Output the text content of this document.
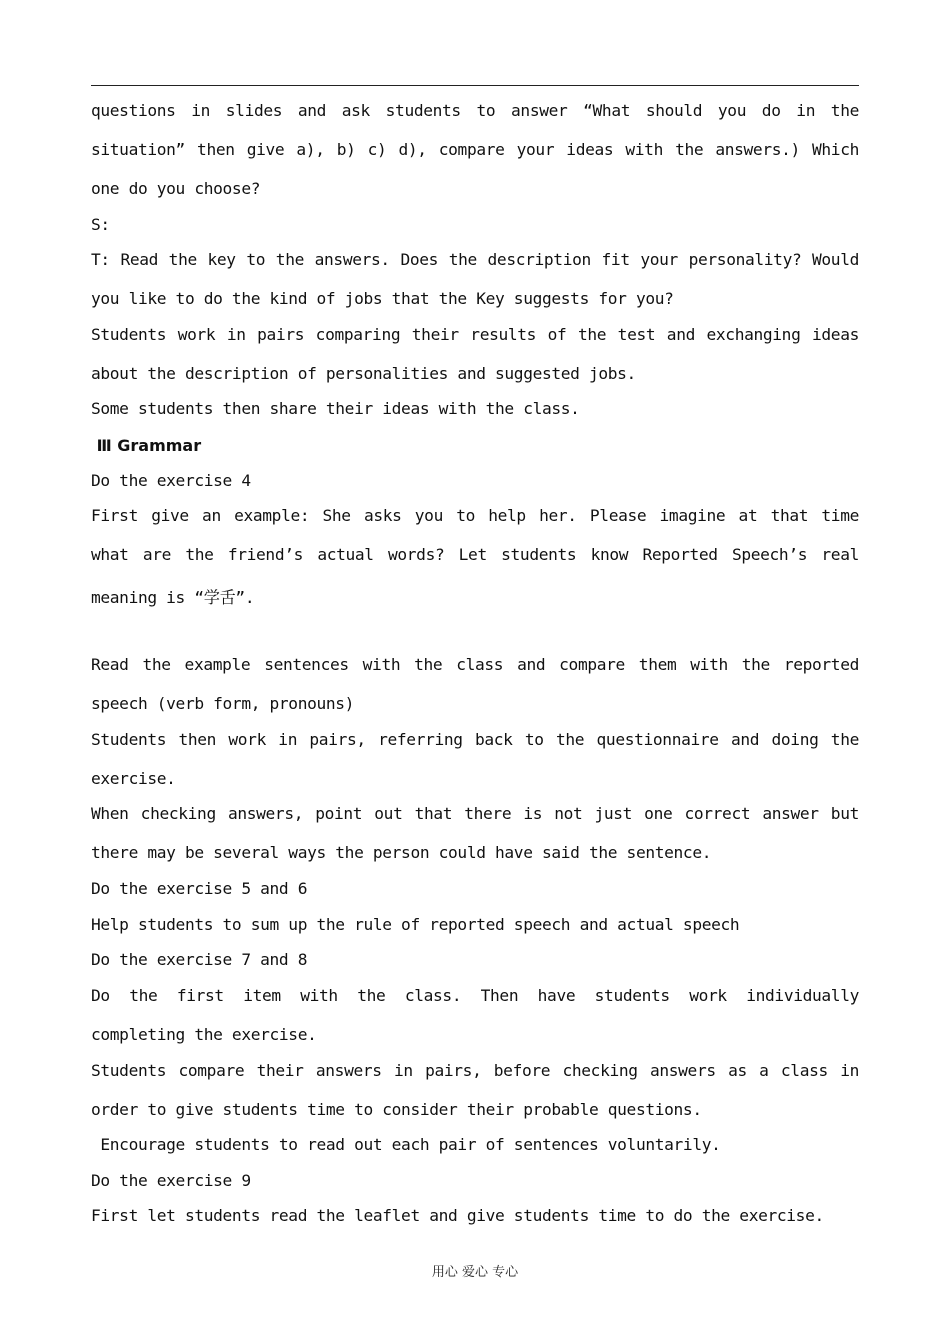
questions in slides and ask students to answer “What should you do in the
situation” then give a), b) c) d), compare your ideas with the answers.) Which
one do you choose?
S:
T: Read the key to the answers. Does the description fit your personality? Would
you like to do the kind of jobs that the Key suggests for you?
Students work in pairs comparing their results of the test and exchanging ideas
about the description of personalities and suggested jobs.
Some students then share their ideas with the class.
Ⅲ Grammar
Do the exercise 4
First give an example: She asks you to help her. Please imagine at that time
what are the friend’s actual words? Let students know Reported Speech’s real
meaning is “学舌”.
Read the example sentences with the class and compare them with the reported
speech (verb form, pronouns)
Students then work in pairs, referring back to the questionnaire and doing the
exercise.
When checking answers, point out that there is not just one correct answer but
there may be several ways the person could have said the sentence.
Do the exercise 5 and 6
Help students to sum up the rule of reported speech and actual speech
Do the exercise 7 and 8
Do the first item with the class. Then have students work individually
completing the exercise.
Students compare their answers in pairs, before checking answers as a class in
order to give students time to consider their probable questions.
Encourage students to read out each pair of sentences voluntarily.
Do the exercise 9
First let students read the leaflet and give students time to do the exercise.
用心 爱心 专心
